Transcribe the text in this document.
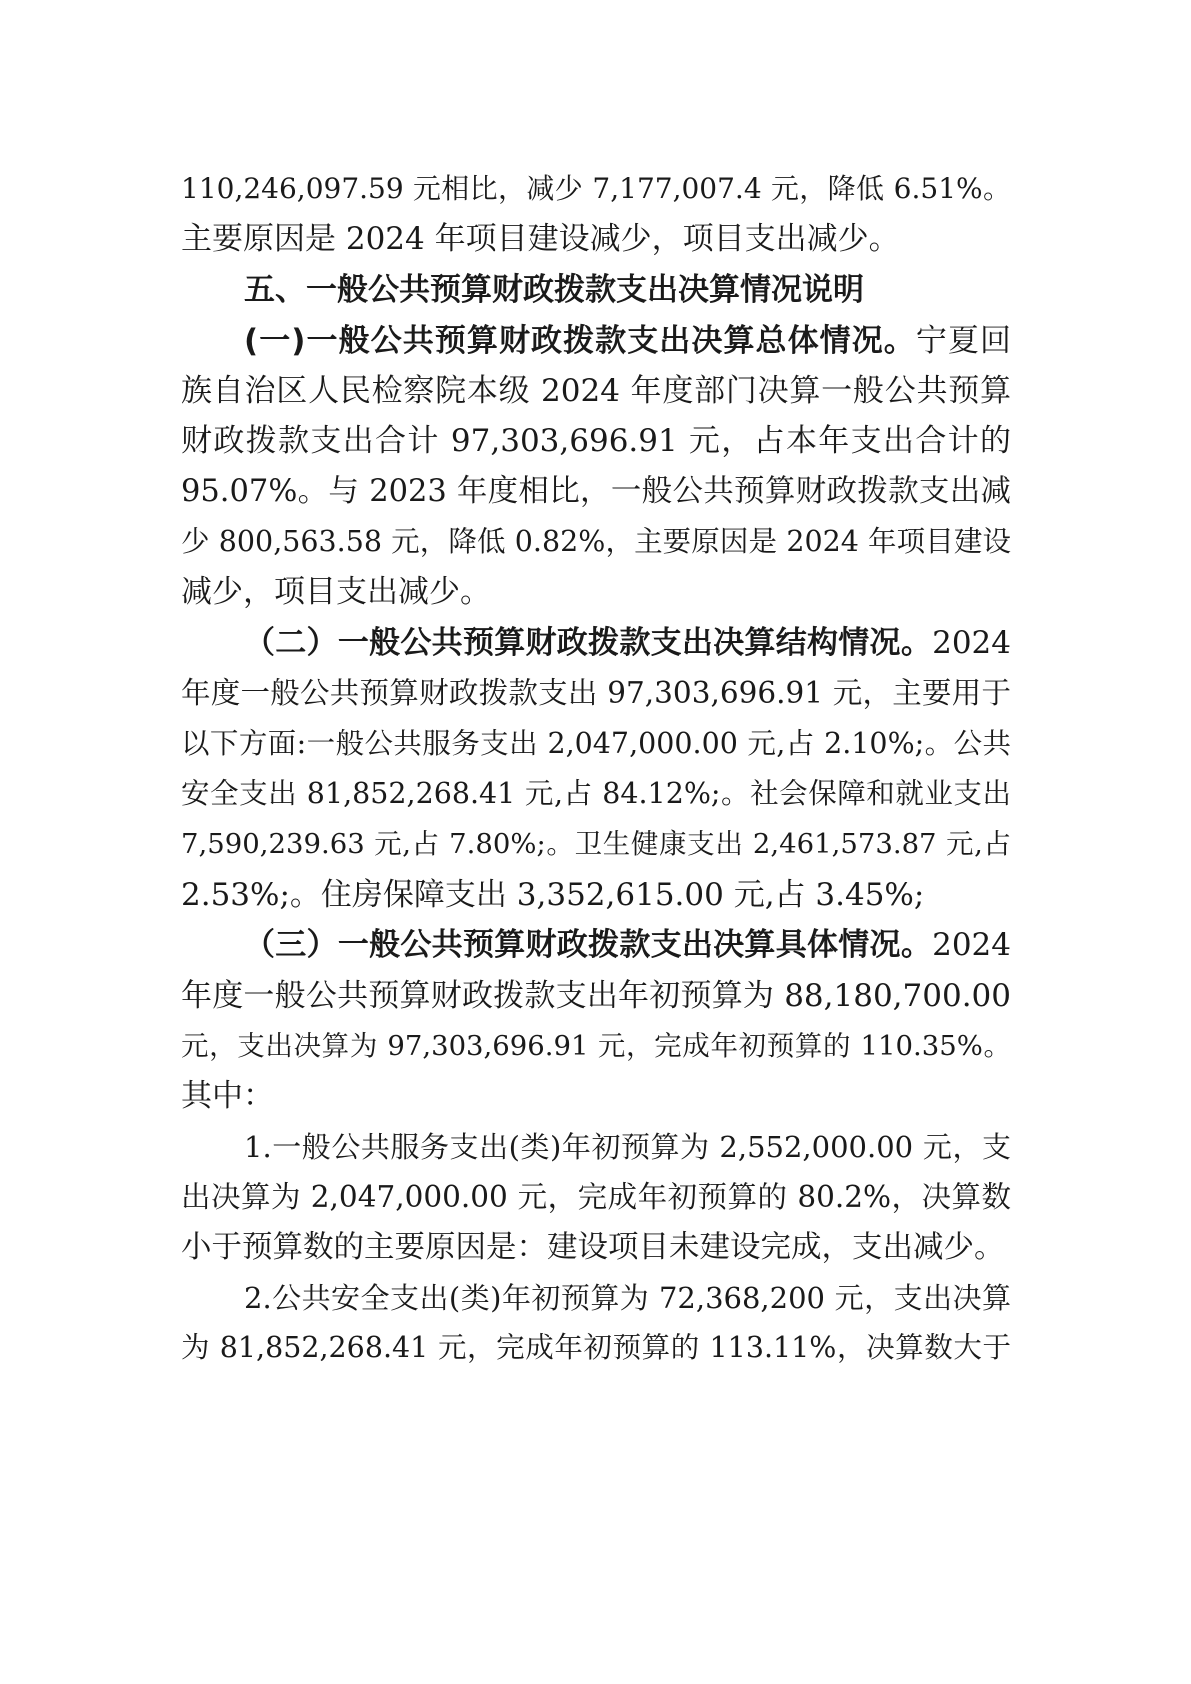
110,246,097.59 元相比，减少 7,177,007.4 元，降低 6.51%。
主要原因是 2024 年项目建设减少，项目支出减少。
五、一般公共预算财政拨款支出决算情况说明
(一)一般公共预算财政拨款支出决算总体情况。宁夏回
族自治区人民检察院本级 2024 年度部门决算一般公共预算
财政拨款支出合计 97,303,696.91 元，占本年支出合计的
95.07%。与 2023 年度相比，一般公共预算财政拨款支出减
少 800,563.58 元，降低 0.82%，主要原因是 2024 年项目建设
减少，项目支出减少。
（二）一般公共预算财政拨款支出决算结构情况。2024
年度一般公共预算财政拨款支出 97,303,696.91 元，主要用于
以下方面:一般公共服务支出 2,047,000.00 元,占 2.10%;。公共
安全支出 81,852,268.41 元,占 84.12%;。社会保障和就业支出
7,590,239.63 元,占 7.80%;。卫生健康支出 2,461,573.87 元,占
2.53%;。住房保障支出 3,352,615.00 元,占 3.45%;
（三）一般公共预算财政拨款支出决算具体情况。2024
年度一般公共预算财政拨款支出年初预算为 88,180,700.00
元，支出决算为 97,303,696.91 元，完成年初预算的 110.35%。
其中：
1.一般公共服务支出(类)年初预算为 2,552,000.00 元，支
出决算为 2,047,000.00 元，完成年初预算的 80.2%，决算数
小于预算数的主要原因是：建设项目未建设完成，支出减少。
2.公共安全支出(类)年初预算为 72,368,200 元，支出决算
为 81,852,268.41 元，完成年初预算的 113.11%，决算数大于
